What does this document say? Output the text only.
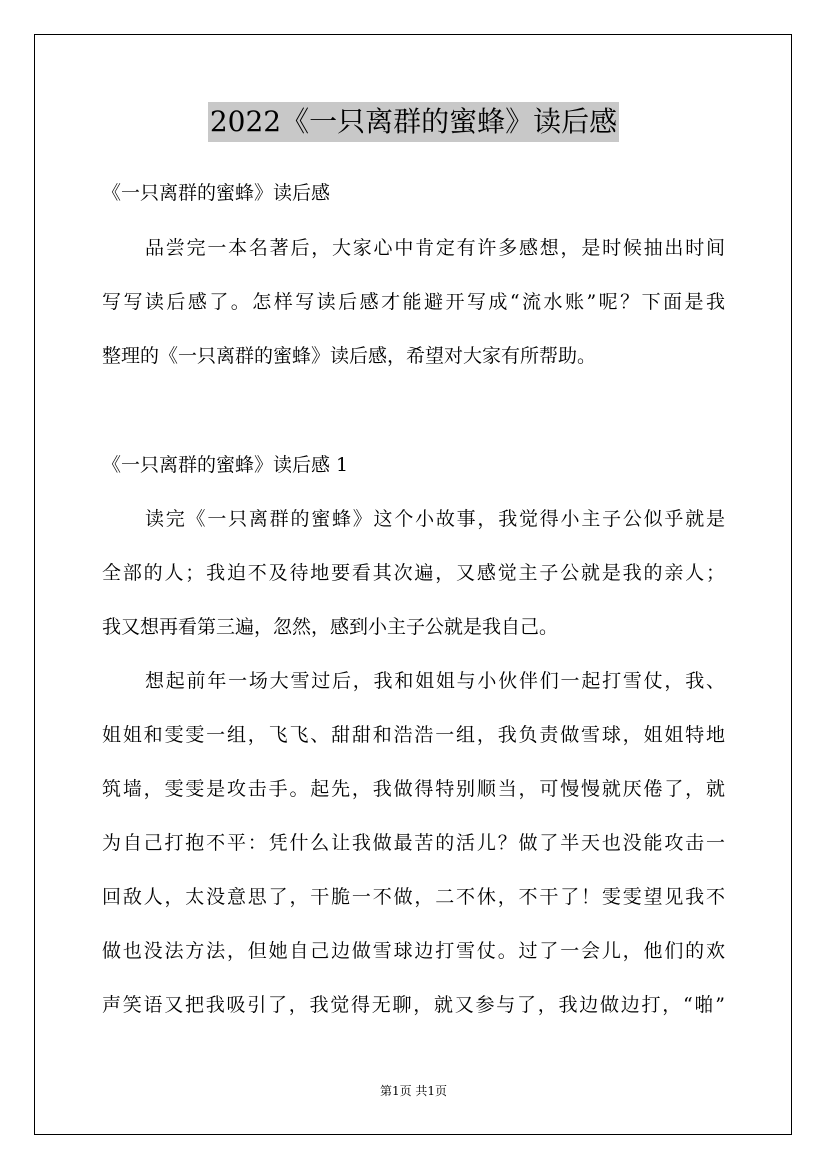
2022《一只离群的蜜蜂》读后感
《一只离群的蜜蜂》读后感
品尝完一本名著后，大家心中肯定有许多感想，是时候抽出时间
写写读后感了。怎样写读后感才能避开写成“流水账”呢？下面是我
整理的《一只离群的蜜蜂》读后感，希望对大家有所帮助。
《一只离群的蜜蜂》读后感 1
读完《一只离群的蜜蜂》这个小故事，我觉得小主子公似乎就是
全部的人；我迫不及待地要看其次遍，又感觉主子公就是我的亲人；
我又想再看第三遍，忽然，感到小主子公就是我自己。
想起前年一场大雪过后，我和姐姐与小伙伴们一起打雪仗，我、
姐姐和雯雯一组，飞飞、甜甜和浩浩一组，我负责做雪球，姐姐特地
筑墙，雯雯是攻击手。起先，我做得特别顺当，可慢慢就厌倦了，就
为自己打抱不平：凭什么让我做最苦的活儿？做了半天也没能攻击一
回敌人，太没意思了，干脆一不做，二不休，不干了！雯雯望见我不
做也没法方法，但她自己边做雪球边打雪仗。过了一会儿，他们的欢
声笑语又把我吸引了，我觉得无聊，就又参与了，我边做边打，“啪”
第1页 共1页
